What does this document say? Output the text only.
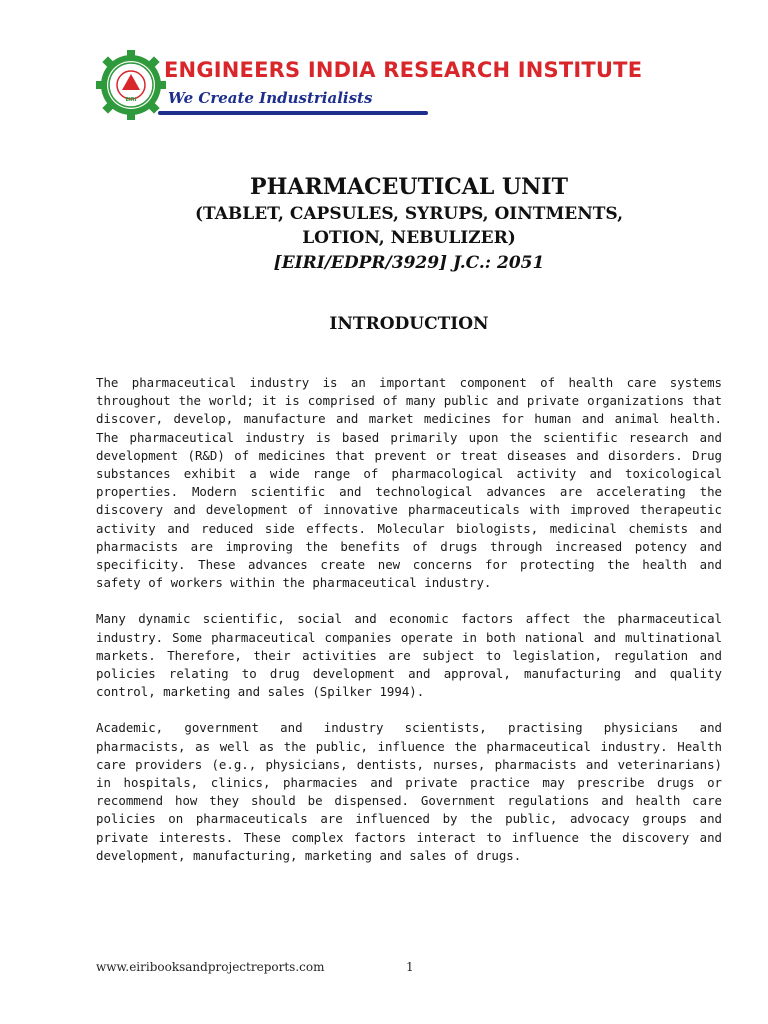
EIRI
ENGINEERS INDIA RESEARCH INSTITUTE
We Create Industrialists
PHARMACEUTICAL UNIT
(TABLET, CAPSULES, SYRUPS, OINTMENTS,
LOTION, NEBULIZER)
[EIRI/EDPR/3929] J.C.: 2051
INTRODUCTION

The pharmaceutical industry is an important component of health care systems throughout the world; it is comprised of many public and private organizations that discover, develop, manufacture and market medicines for human and animal health. The pharmaceutical industry is based primarily upon the scientific research and development (R&D) of medicines that prevent or treat diseases and disorders. Drug substances exhibit a wide range of pharmacological activity and toxicological properties. Modern scientific and technological advances are accelerating the discovery and development of innovative pharmaceuticals with improved therapeutic activity and reduced side effects. Molecular biologists, medicinal chemists and pharmacists are improving the benefits of drugs through increased potency and specificity. These advances create new concerns for protecting the health and safety of workers within the pharmaceutical industry.

Many dynamic scientific, social and economic factors affect the pharmaceutical industry. Some pharmaceutical companies operate in both national and multinational markets. Therefore, their activities are subject to legislation, regulation and policies relating to drug development and approval, manufacturing and quality control, marketing and sales (Spilker 1994).

Academic, government and industry scientists, practising physicians and pharmacists, as well as the public, influence the pharmaceutical industry. Health care providers (e.g., physicians, dentists, nurses, pharmacists and veterinarians) in hospitals, clinics, pharmacies and private practice may prescribe drugs or recommend how they should be dispensed. Government regulations and health care policies on pharmaceuticals are influenced by the public, advocacy groups and private interests. These complex factors interact to influence the discovery and development, manufacturing, marketing and sales of drugs.

www.eiribooksandprojectreports.com	1
